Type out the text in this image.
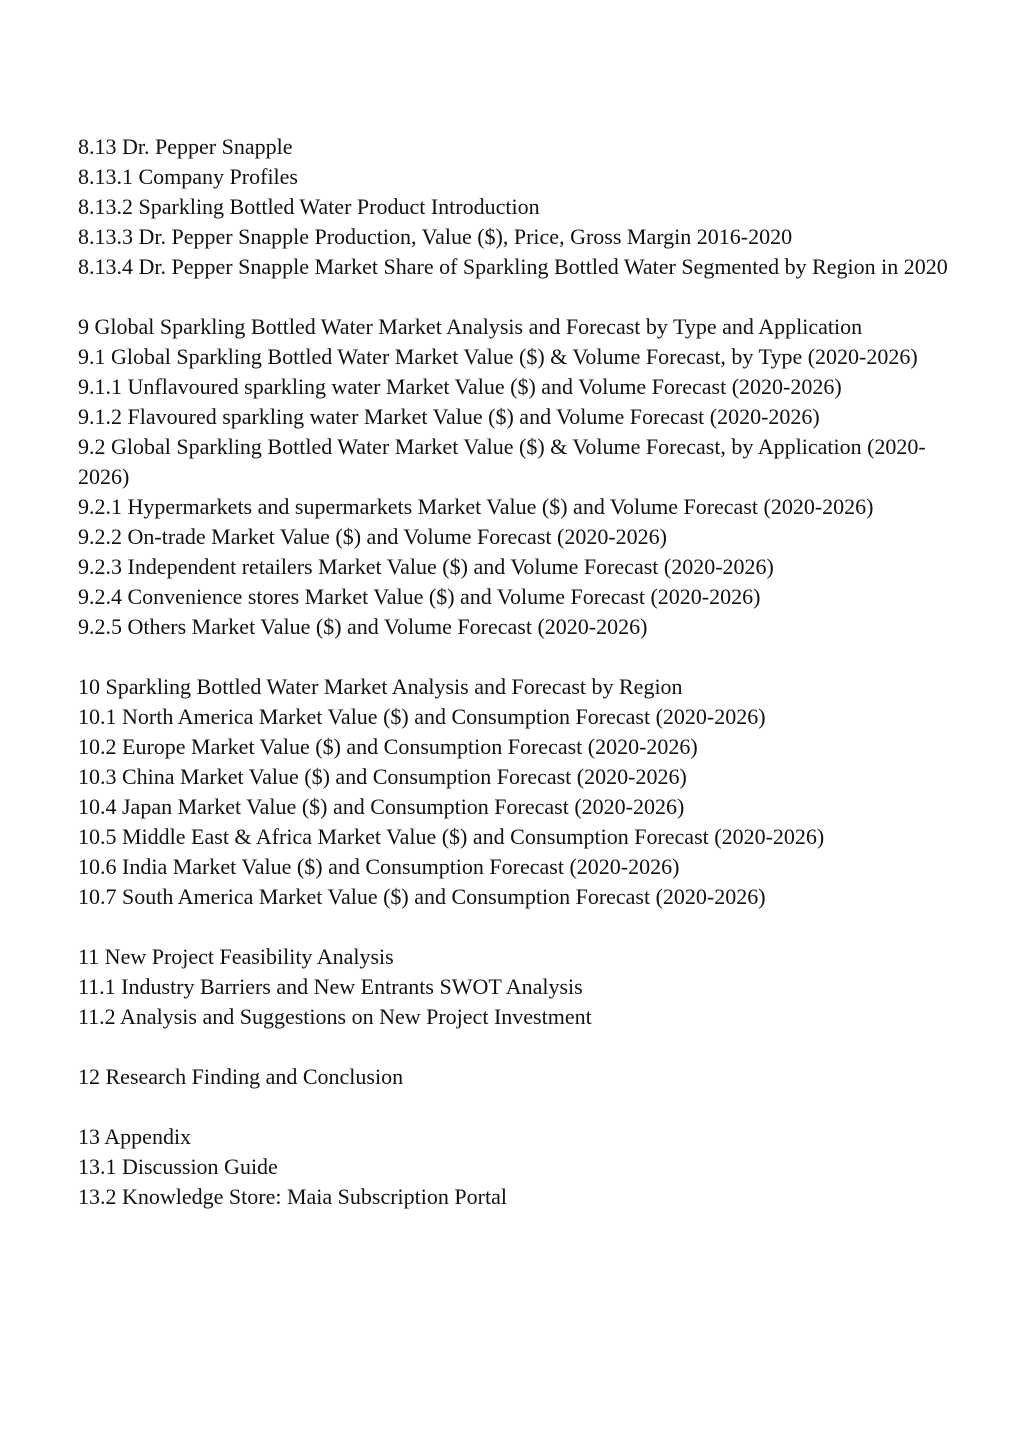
8.13 Dr. Pepper Snapple

8.13.1 Company Profiles

8.13.2 Sparkling Bottled Water Product Introduction

8.13.3 Dr. Pepper Snapple Production, Value ($), Price, Gross Margin 2016-2020

8.13.4 Dr. Pepper Snapple Market Share of Sparkling Bottled Water Segmented by Region in 2020

9 Global Sparkling Bottled Water Market Analysis and Forecast by Type and Application

9.1 Global Sparkling Bottled Water Market Value ($) & Volume Forecast, by Type (2020-2026)

9.1.1 Unflavoured sparkling water Market Value ($) and Volume Forecast (2020-2026)

9.1.2 Flavoured sparkling water Market Value ($) and Volume Forecast (2020-2026)

9.2 Global Sparkling Bottled Water Market Value ($) & Volume Forecast, by Application (2020-2026)

9.2.1 Hypermarkets and supermarkets Market Value ($) and Volume Forecast (2020-2026)

9.2.2 On-trade Market Value ($) and Volume Forecast (2020-2026)

9.2.3 Independent retailers Market Value ($) and Volume Forecast (2020-2026)

9.2.4 Convenience stores Market Value ($) and Volume Forecast (2020-2026)

9.2.5 Others Market Value ($) and Volume Forecast (2020-2026)

10 Sparkling Bottled Water Market Analysis and Forecast by Region

10.1 North America Market Value ($) and Consumption Forecast (2020-2026)

10.2 Europe Market Value ($) and Consumption Forecast (2020-2026)

10.3 China Market Value ($) and Consumption Forecast (2020-2026)

10.4 Japan Market Value ($) and Consumption Forecast (2020-2026)

10.5 Middle East & Africa Market Value ($) and Consumption Forecast (2020-2026)

10.6 India Market Value ($) and Consumption Forecast (2020-2026)

10.7 South America Market Value ($) and Consumption Forecast (2020-2026)

11 New Project Feasibility Analysis

11.1 Industry Barriers and New Entrants SWOT Analysis

11.2 Analysis and Suggestions on New Project Investment

12 Research Finding and Conclusion

13 Appendix

13.1 Discussion Guide

13.2 Knowledge Store: Maia Subscription Portal
